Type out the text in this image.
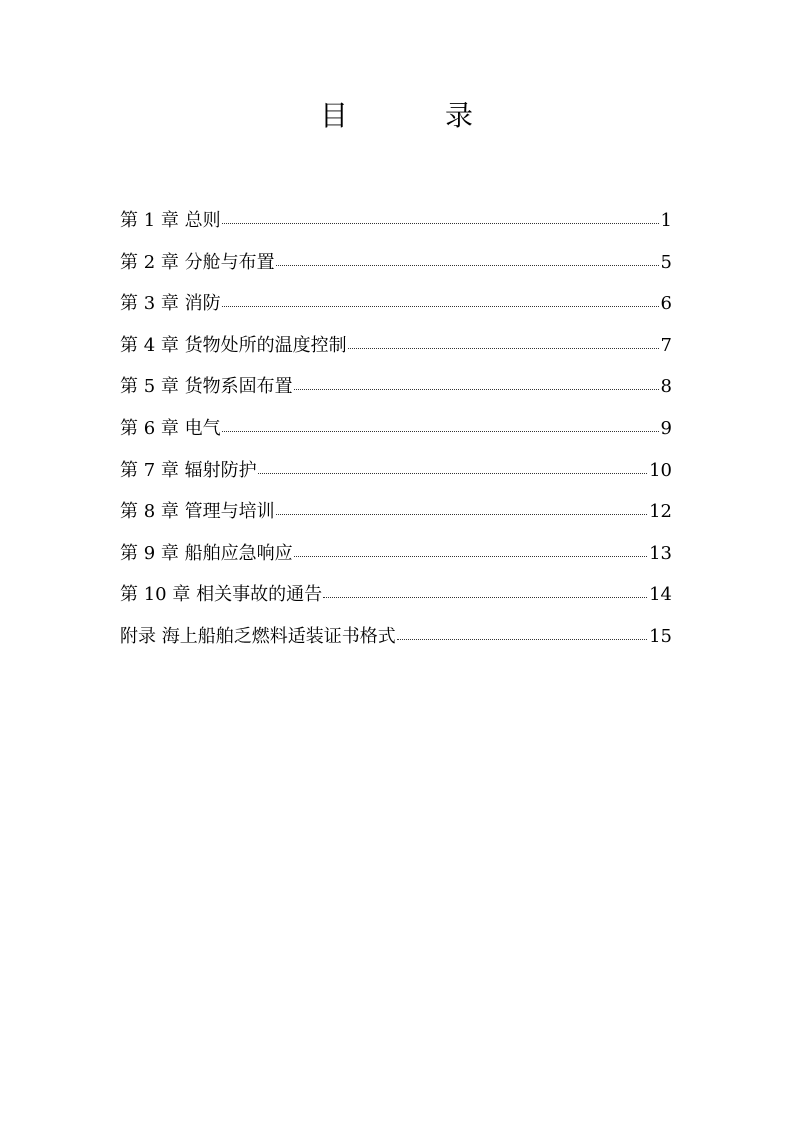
目 录
第 1 章 总则	1
第 2 章 分舱与布置	5
第 3 章 消防	6
第 4 章 货物处所的温度控制	7
第 5 章 货物系固布置	8
第 6 章 电气	9
第 7 章 辐射防护	10
第 8 章 管理与培训	12
第 9 章 船舶应急响应	13
第 10 章 相关事故的通告	14
附录 海上船舶乏燃料适装证书格式	15
